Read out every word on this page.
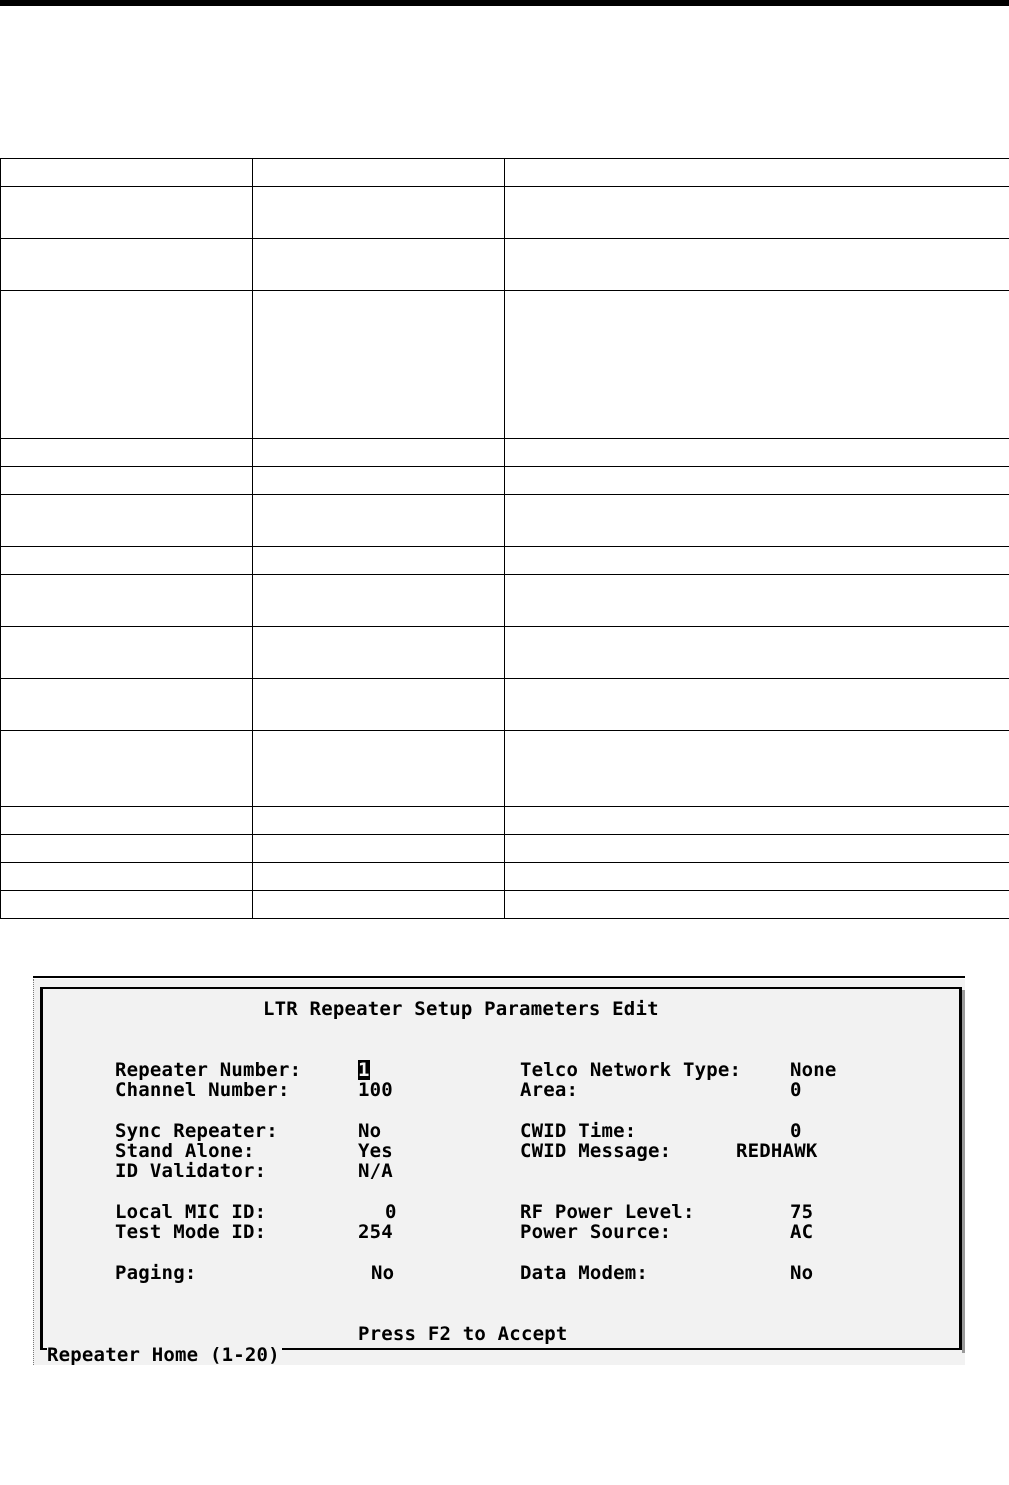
LTR Repeater Setup Parameters Edit
Repeater Number:	1
Channel Number:	100
Sync Repeater:	No
Stand Alone:	Yes
ID Validator:	N/A
Local MIC ID:	0
Test Mode ID:	254
Paging:	No
Telco Network Type:	None
Area:	0
CWID Time:	0
CWID Message:	REDHAWK
RF Power Level:	75
Power Source:	AC
Data Modem:	No
Press F2 to Accept
Repeater Home (1-20)
